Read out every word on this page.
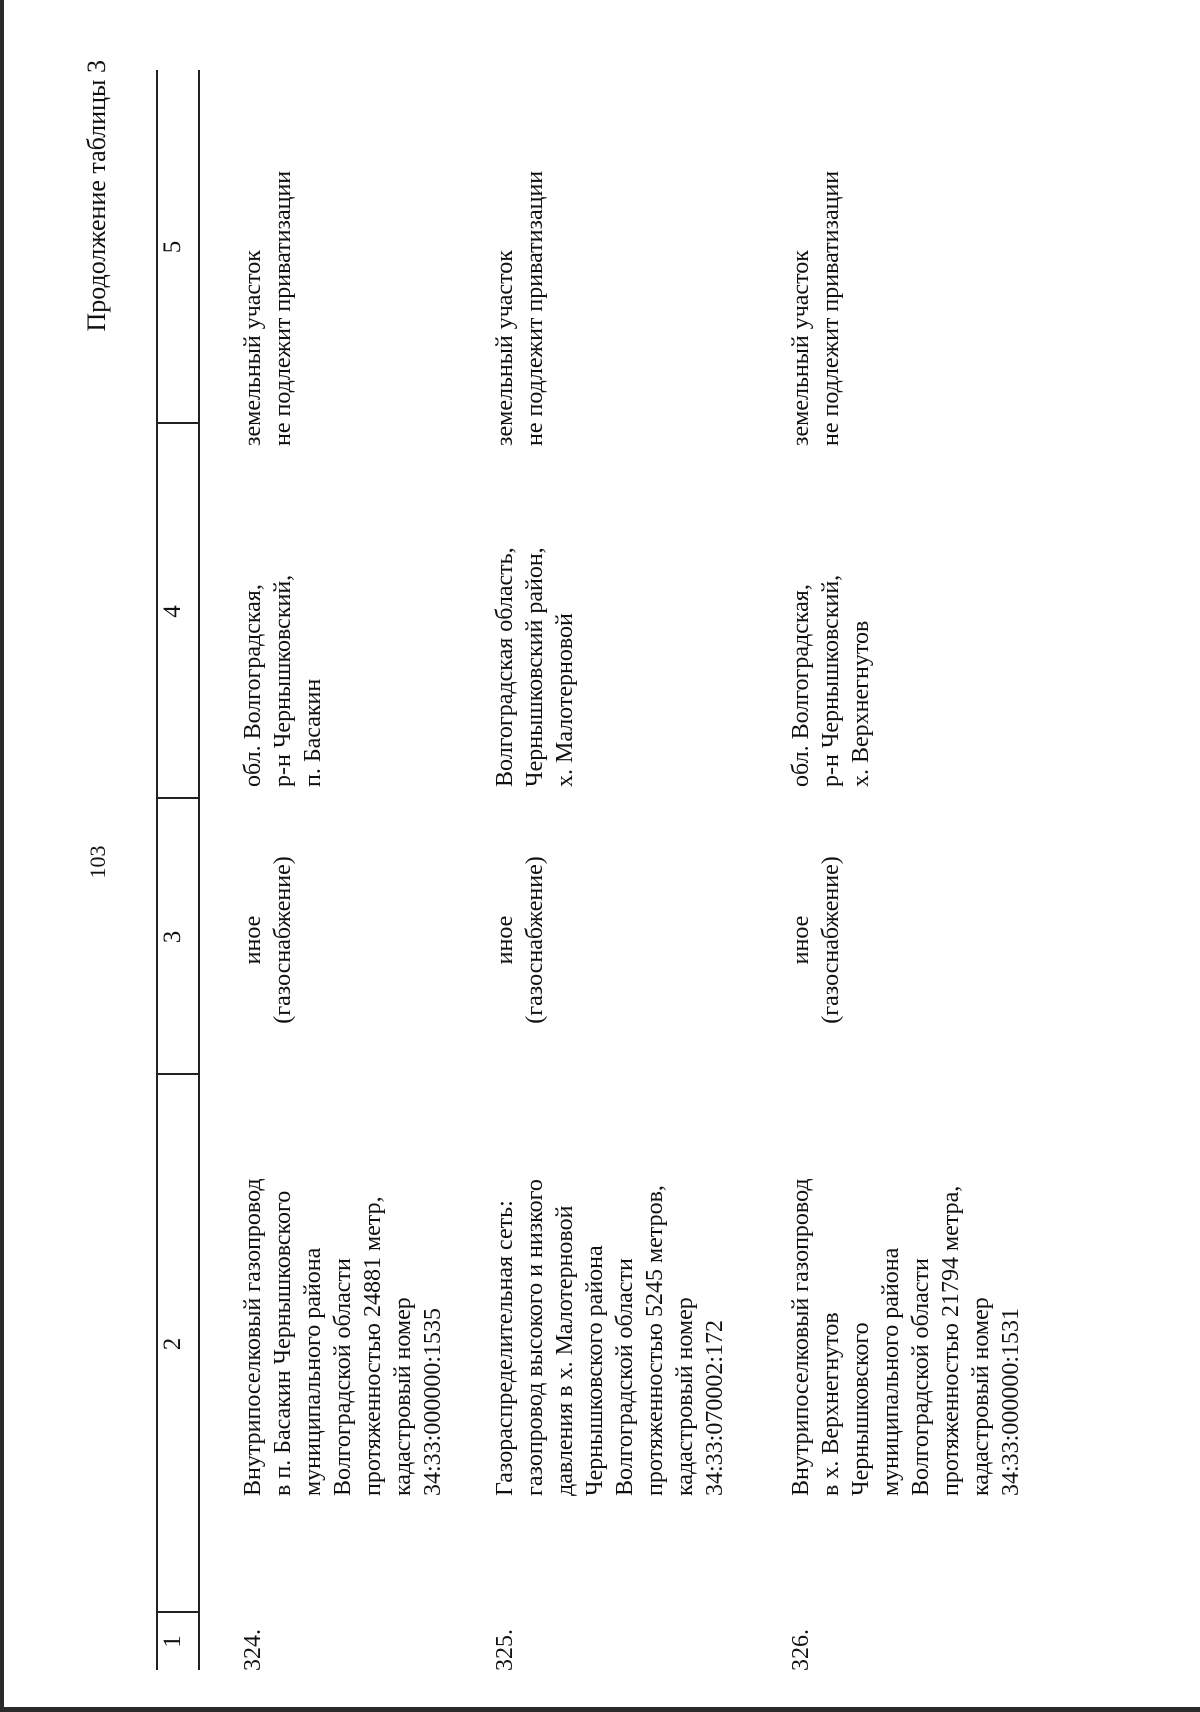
Продолжение таблицы 3
103
1
2
3
4
5
324.
Внутрипоселковый газопровод в п. Басакин Чернышковского муниципального района Волгоградской области протяженностью 24881 метр, кадастровый номер 34:33:000000:1535
иное (газоснабжение)
обл. Волгоградская, р-н Чернышковский, п. Басакин
земельный участок не подлежит приватизации
325.
Газораспределительная сеть: газопровод высокого и низкого давления в х. Малотерновой Чернышковского района Волгоградской области протяженностью 5245 метров, кадастровый номер 34:33:070002:172
иное (газоснабжение)
Волгоградская область, Чернышковский район, х. Малотерновой
земельный участок не подлежит приватизации
326.
Внутрипоселковый газопровод в х. Верхнегнутов Чернышковского муниципального района Волгоградской области протяженностью 21794 метра, кадастровый номер 34:33:000000:1531
иное (газоснабжение)
обл. Волгоградская, р-н Чернышковский, х. Верхнегнутов
земельный участок не подлежит приватизации
